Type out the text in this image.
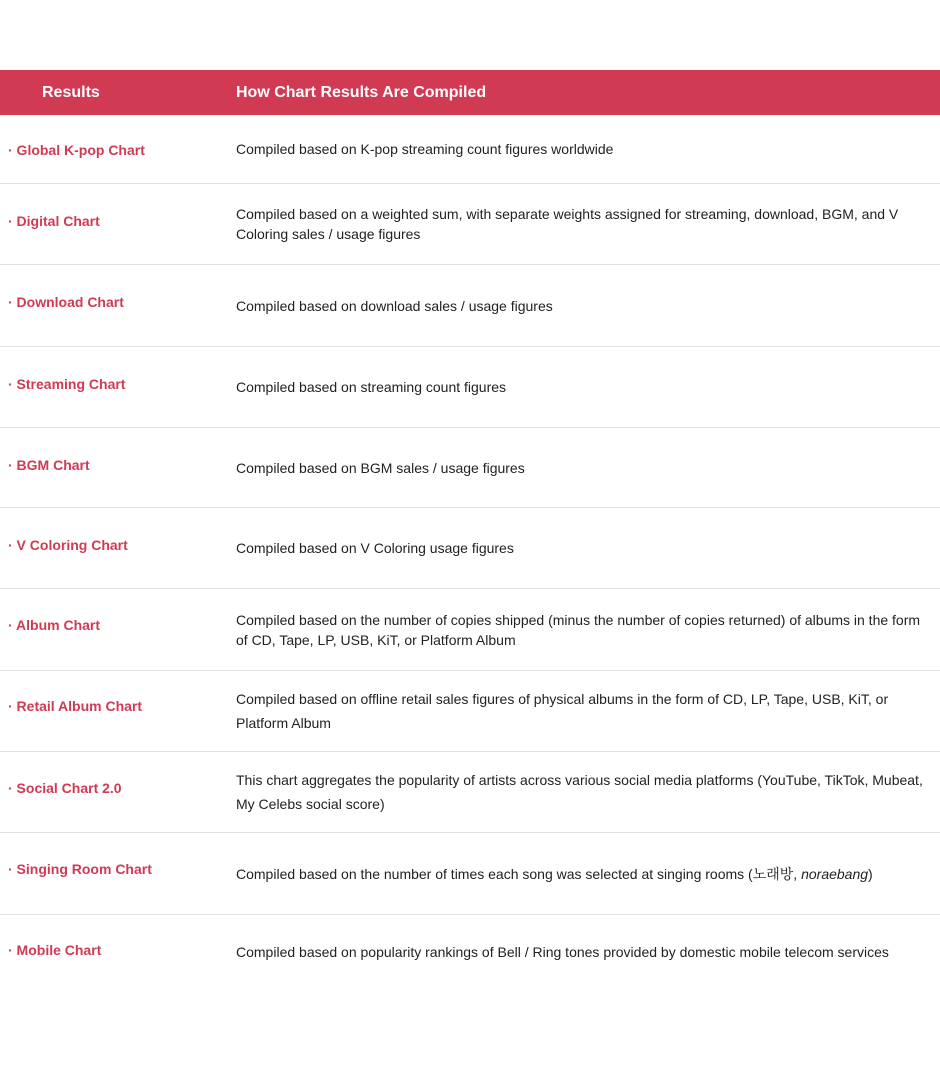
Results	How Chart Results Are Compiled
· Global K-pop Chart	Compiled based on K-pop streaming count figures worldwide
· Digital Chart	Compiled based on a weighted sum, with separate weights assigned for streaming, download, BGM, and V Coloring sales / usage figures
· Download Chart	Compiled based on download sales / usage figures
· Streaming Chart	Compiled based on streaming count figures
· BGM Chart	Compiled based on BGM sales / usage figures
· V Coloring Chart	Compiled based on V Coloring usage figures
· Album Chart	Compiled based on the number of copies shipped (minus the number of copies returned) of albums in the form of CD, Tape, LP, USB, KiT, or Platform Album
· Retail Album Chart	Compiled based on offline retail sales figures of physical albums in the form of CD, LP, Tape, USB, KiT, or Platform Album
· Social Chart 2.0	This chart aggregates the popularity of artists across various social media platforms (YouTube, TikTok, Mubeat, My Celebs social score)
· Singing Room Chart	Compiled based on the number of times each song was selected at singing rooms (노래방, noraebang)
· Mobile Chart	Compiled based on popularity rankings of Bell / Ring tones provided by domestic mobile telecom services
